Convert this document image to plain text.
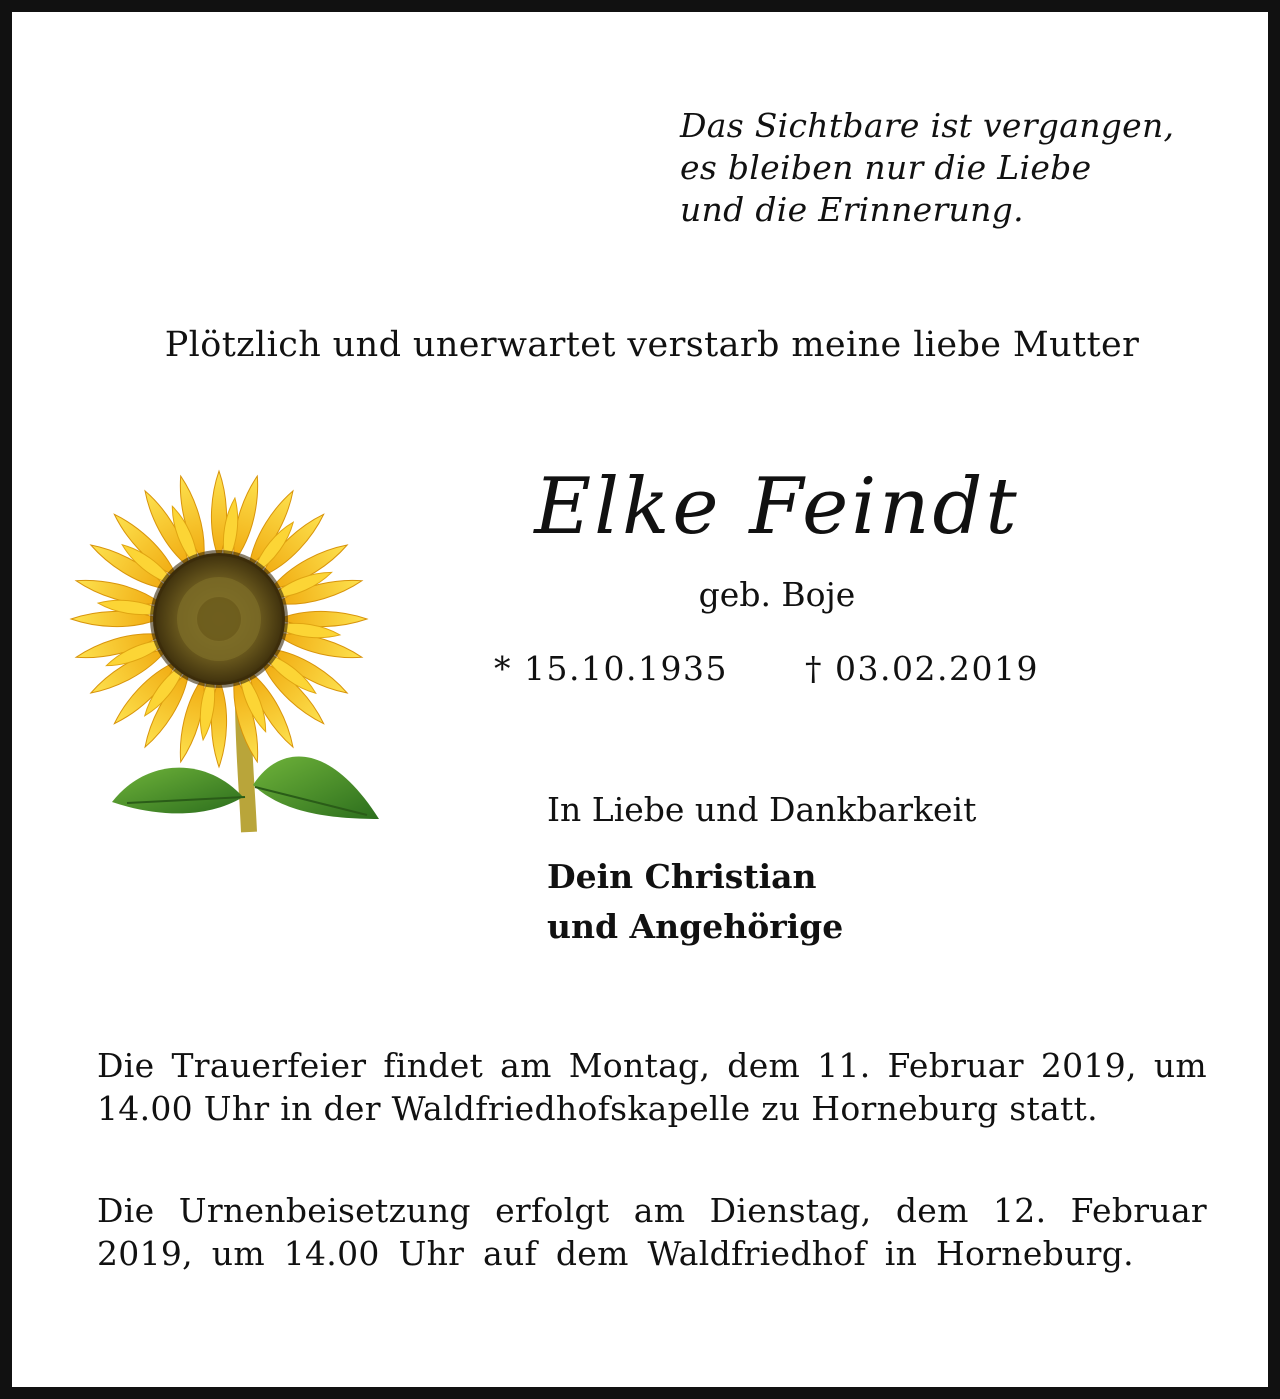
Das Sichtbare ist vergangen,
es bleiben nur die Liebe
und die Erinnerung.
Plötzlich und unerwartet verstarb meine liebe Mutter
Elke Feindt
geb. Boje
* 15.10.1935 † 03.02.2019
In Liebe und Dankbarkeit
Dein Christian
und Angehörige
Die Trauerfeier findet am Montag, dem 11. Februar 2019, um 14.00 Uhr in der Waldfriedhofskapelle zu Horneburg statt.
Die Urnenbeisetzung erfolgt am Dienstag, dem 12. Februar 2019, um 14.00 Uhr auf dem Waldfriedhof in Horneburg.
